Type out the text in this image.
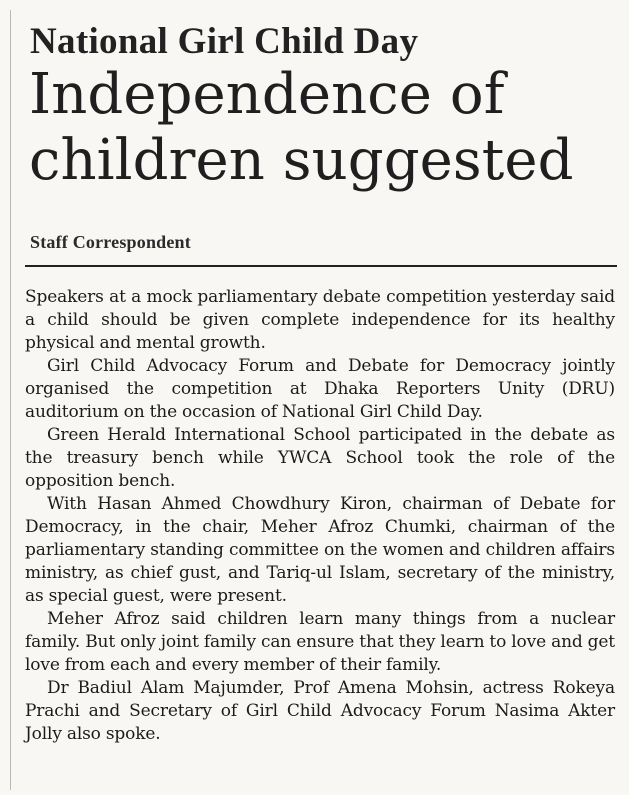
National Girl Child Day
Independence of
children suggested
Staff Correspondent

Speakers at a mock parliamentary debate competition yesterday said a child should be given complete independence for its healthy physical and mental growth.

Girl Child Advocacy Forum and Debate for Democracy jointly organised the competition at Dhaka Reporters Unity (DRU) auditorium on the occasion of National Girl Child Day.

Green Herald International School participated in the debate as the treasury bench while YWCA School took the role of the opposition bench.

With Hasan Ahmed Chowdhury Kiron, chairman of Debate for Democracy, in the chair, Meher Afroz Chumki, chairman of the parliamentary standing committee on the women and children affairs ministry, as chief gust, and Tariq-ul Islam, secretary of the ministry, as special guest, were present.

Meher Afroz said children learn many things from a nuclear family. But only joint family can ensure that they learn to love and get love from each and every member of their family.

Dr Badiul Alam Majumder, Prof Amena Mohsin, actress Rokeya Prachi and Secretary of Girl Child Advocacy Forum Nasima Akter Jolly also spoke.
